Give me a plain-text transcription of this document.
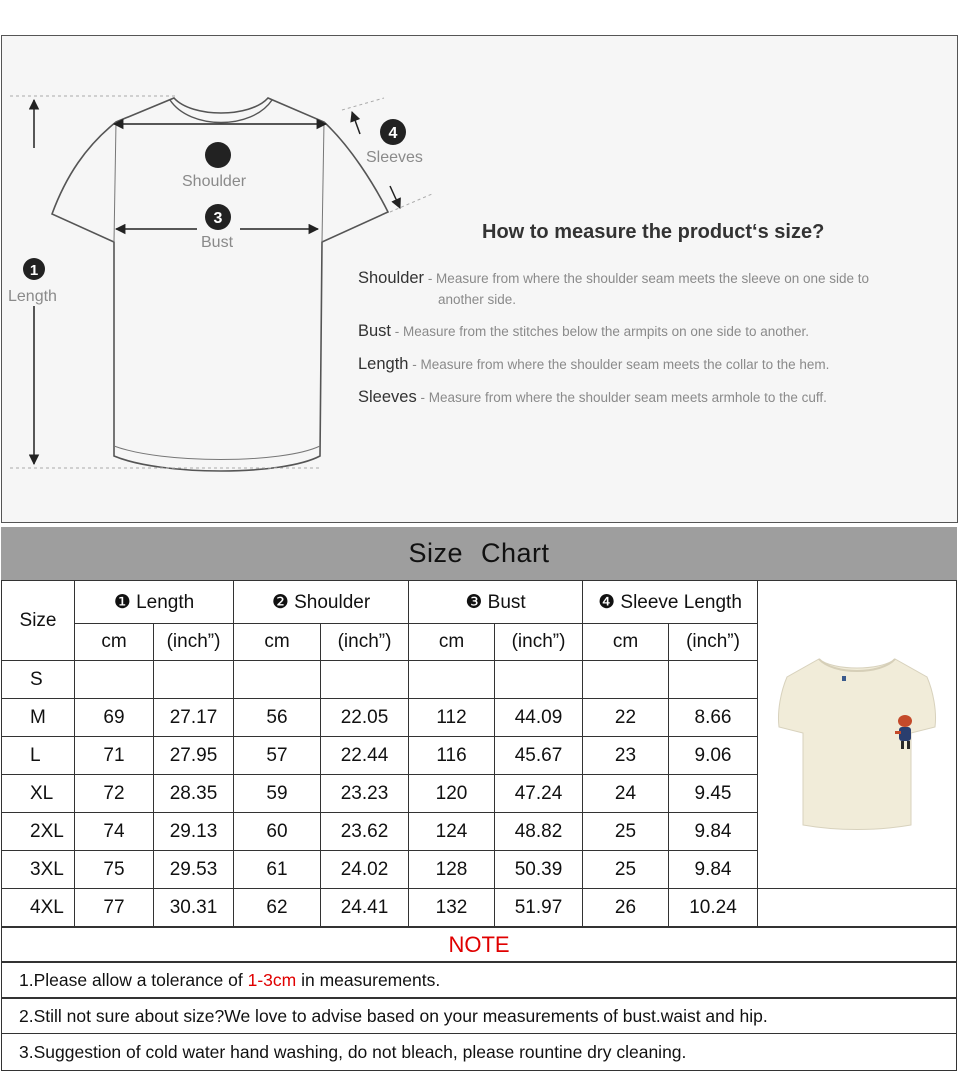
1
3
4
Length
Shoulder
Bust
Sleeves
How to measure the product‘s size?
Shoulder - Measure from where the shoulder seam meets the sleeve on one side to
another side.
Bust - Measure from the stitches below the armpits on one side to another.
Length - Measure from where the shoulder seam meets the collar to the hem.
Sleeves - Measure from where the shoulder seam meets armhole to the cuff.
Size Chart
Size	❶ Length		❷ Shoulder		❸ Bust		❹ Sleeve Length	

	cm	(inch”)	cm	(inch”)	cm	(inch”)	cm	(inch”)	
S									
M	69	27.17	56	22.05	112	44.09	22	8.66	
L	71	27.95	57	22.44	116	45.67	23	9.06	
XL	72	28.35	59	23.23	120	47.24	24	9.45	
2XL	74	29.13	60	23.62	124	48.82	25	9.84	
3XL	75	29.53	61	24.02	128	50.39	25	9.84	
4XL	77	30.31	62	24.41	132	51.97	26	10.24	
NOTE
1.Please allow a tolerance of 1-3cm in measurements.
2.Still not sure about size?We love to advise based on your measurements of bust.waist and hip.
3.Suggestion of cold water hand washing, do not bleach, please rountine dry cleaning.
